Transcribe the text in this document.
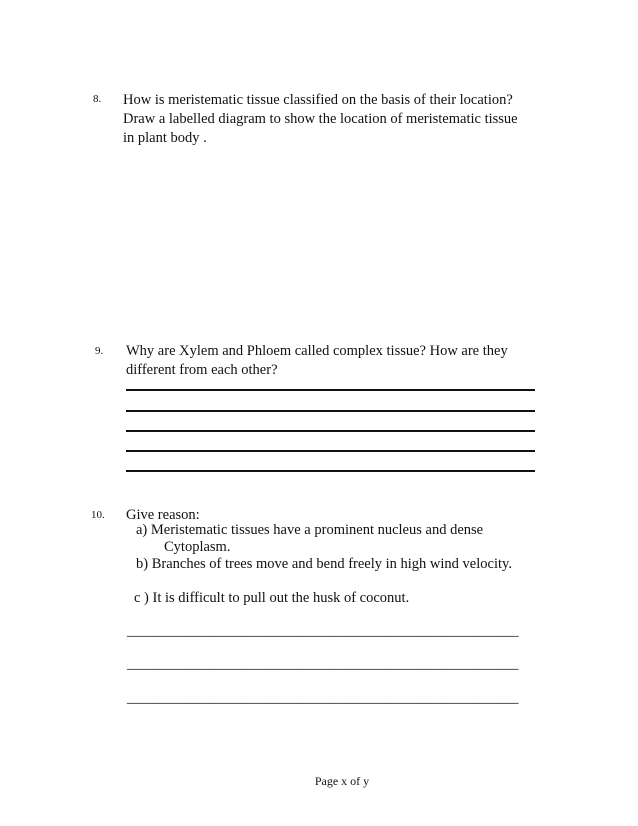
8. How is meristematic tissue classified on the basis of their location?
Draw a labelled diagram to show the location of meristematic tissue
in plant body .
9. Why are Xylem and Phloem called complex tissue? How are they
different from each other?
10. Give reason:
a) Meristematic tissues have a prominent nucleus and dense
Cytoplasm.
b) Branches of trees move and bend freely in high wind velocity.
c ) It is difficult to pull out the husk of coconut.
______________________________________________________
______________________________________________________
______________________________________________________
Page x of y
